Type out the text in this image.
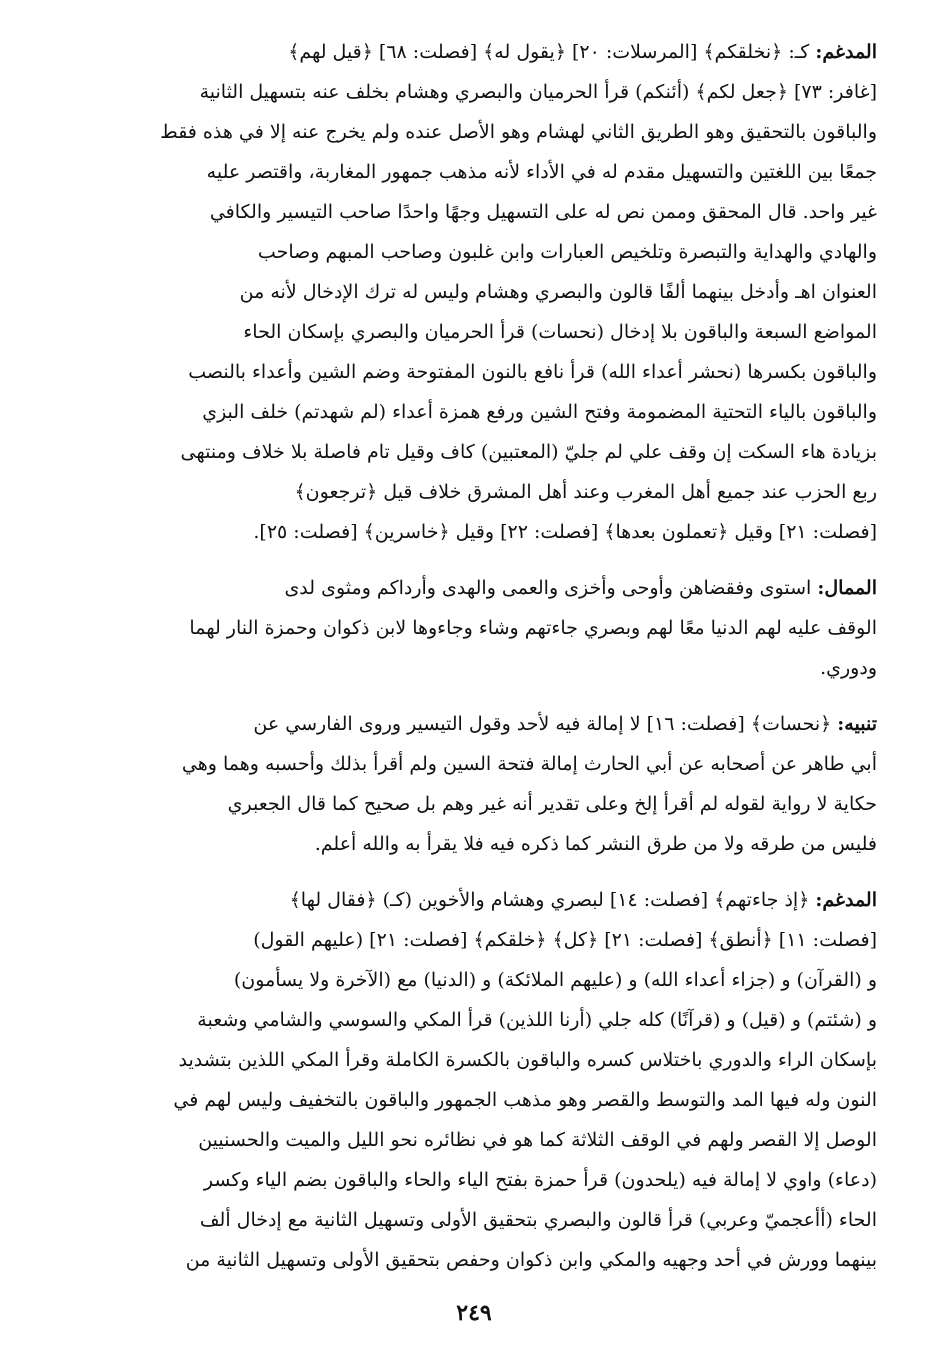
المدغم: كـ: ﴿نخلقكم﴾ [المرسلات: ٢٠] ﴿يقول له﴾ [فصلت: ٦٨] ﴿قيل لهم﴾
[غافر: ٧٣] ﴿جعل لكم﴾ (أئنكم) قرأ الحرميان والبصري وهشام بخلف عنه بتسهيل الثانية
والباقون بالتحقيق وهو الطريق الثاني لهشام وهو الأصل عنده ولم يخرج عنه إلا في هذه فقط
جمعًا بين اللغتين والتسهيل مقدم له في الأداء لأنه مذهب جمهور المغاربة، واقتصر عليه
غير واحد. قال المحقق وممن نص له على التسهيل وجهًا واحدًا صاحب التيسير والكافي
والهادي والهداية والتبصرة وتلخيص العبارات وابن غلبون وصاحب المبهم وصاحب
العنوان اهـ وأدخل بينهما ألفًا قالون والبصري وهشام وليس له ترك الإدخال لأنه من
المواضع السبعة والباقون بلا إدخال (نحسات) قرأ الحرميان والبصري بإسكان الحاء
والباقون بكسرها (نحشر أعداء الله) قرأ نافع بالنون المفتوحة وضم الشين وأعداء بالنصب
والباقون بالياء التحتية المضمومة وفتح الشين ورفع همزة أعداء (لم شهدتم) خلف البزي
بزيادة هاء السكت إن وقف علي لم جليّ (المعتبين) كاف وقيل تام فاصلة بلا خلاف ومنتهى
ربع الحزب عند جميع أهل المغرب وعند أهل المشرق خلاف قيل ﴿ترجعون﴾
[فصلت: ٢١] وقيل ﴿تعملون بعدها﴾ [فصلت: ٢٢] وقيل ﴿خاسرين﴾ [فصلت: ٢٥].

الممال: استوى وفقضاهن وأوحى وأخزى والعمى والهدى وأرداكم ومثوى لدى
الوقف عليه لهم الدنيا معًا لهم وبصري جاءتهم وشاء وجاءوها لابن ذكوان وحمزة النار لهما
ودوري.

تنبيه: ﴿نحسات﴾ [فصلت: ١٦] لا إمالة فيه لأحد وقول التيسير وروى الفارسي عن
أبي طاهر عن أصحابه عن أبي الحارث إمالة فتحة السين ولم أقرأ بذلك وأحسبه وهما وهي
حكاية لا رواية لقوله لم أقرأ إلخ وعلى تقدير أنه غير وهم بل صحيح كما قال الجعبري
فليس من طرقه ولا من طرق النشر كما ذكره فيه فلا يقرأ به والله أعلم.

المدغم: ﴿إذ جاءتهم﴾ [فصلت: ١٤] لبصري وهشام والأخوين (كـ) ﴿فقال لها﴾
[فصلت: ١١] ﴿أنطق﴾ [فصلت: ٢١] ﴿كل﴾ ﴿خلقكم﴾ [فصلت: ٢١] (عليهم القول)
و (القرآن) و (جزاء أعداء الله) و (عليهم الملائكة) و (الدنيا) مع (الآخرة ولا يسأمون)
و (شئتم) و (قيل) و (قرآنًا) كله جلي (أرنا اللذين) قرأ المكي والسوسي والشامي وشعبة
بإسكان الراء والدوري باختلاس كسره والباقون بالكسرة الكاملة وقرأ المكي اللذين بتشديد
النون وله فيها المد والتوسط والقصر وهو مذهب الجمهور والباقون بالتخفيف وليس لهم في
الوصل إلا القصر ولهم في الوقف الثلاثة كما هو في نظائره نحو الليل والميت والحسنيين
(دعاء) واوي لا إمالة فيه (يلحدون) قرأ حمزة بفتح الياء والحاء والباقون بضم الياء وكسر
الحاء (أأعجميّ وعربي) قرأ قالون والبصري بتحقيق الأولى وتسهيل الثانية مع إدخال ألف
بينهما وورش في أحد وجهيه والمكي وابن ذكوان وحفص بتحقيق الأولى وتسهيل الثانية من

٢٤٩
